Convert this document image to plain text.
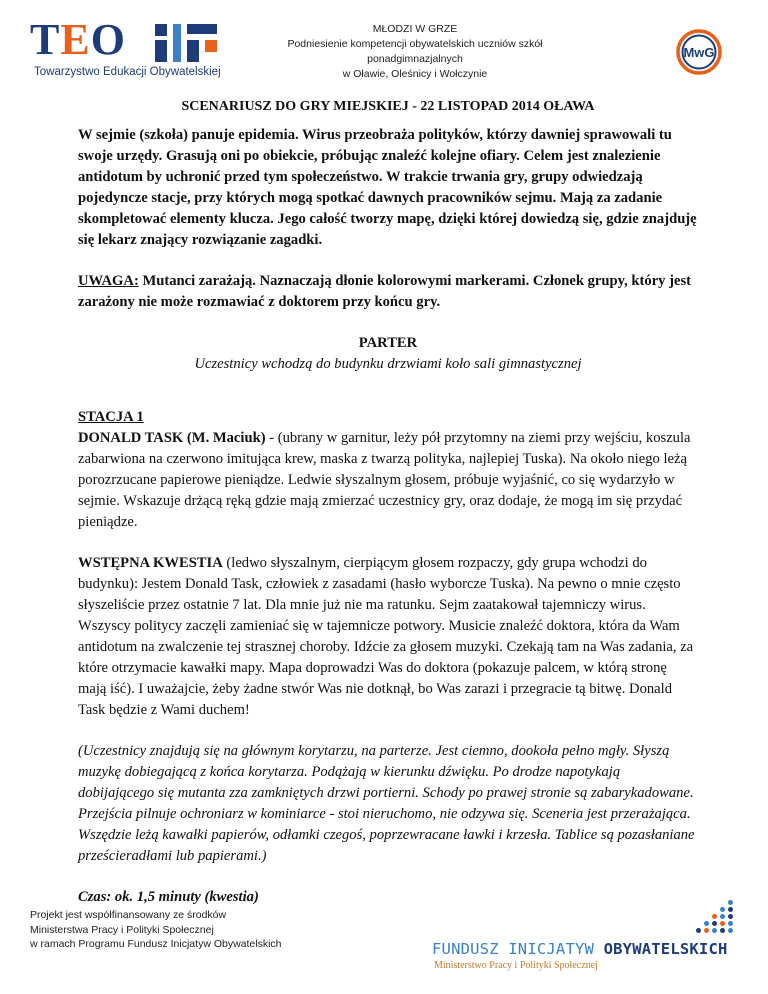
TEO
Towarzystwo Edukacji Obywatelskiej
MŁODZI W GRZE
Podniesienie kompetencji obywatelskich uczniów szkół ponadgimnazjalnych
w Oławie, Oleśnicy i Wołczynie
MwG

SCENARIUSZ DO GRY MIEJSKIEJ - 22 LISTOPAD 2014 OŁAWA

W sejmie (szkoła) panuje epidemia. Wirus przeobraża polityków, którzy dawniej sprawowali tu swoje urzędy. Grasują oni po obiekcie, próbując znaleźć kolejne ofiary. Celem jest znalezienie antidotum by uchronić przed tym społeczeństwo. W trakcie trwania gry, grupy odwiedzają pojedyncze stacje, przy których mogą spotkać dawnych pracowników sejmu. Mają za zadanie skompletować elementy klucza. Jego całość tworzy mapę, dzięki której dowiedzą się, gdzie znajduję się lekarz znający rozwiązanie zagadki.

UWAGA: Mutanci zarażają. Naznaczają dłonie kolorowymi markerami. Członek grupy, który jest zarażony nie może rozmawiać z doktorem przy końcu gry.

PARTER

Uczestnicy wchodzą do budynku drzwiami koło sali gimnastycznej

STACJA 1

DONALD TASK (M. Maciuk) - (ubrany w garnitur, leży pół przytomny na ziemi przy wejściu, koszula zabarwiona na czerwono imitująca krew, maska z twarzą polityka, najlepiej Tuska). Na około niego leżą porozrzucane papierowe pieniądze. Ledwie słyszalnym głosem, próbuje wyjaśnić, co się wydarzyło w sejmie. Wskazuje drżącą ręką gdzie mają zmierzać uczestnicy gry, oraz dodaje, że mogą im się przydać pieniądze.

WSTĘPNA KWESTIA (ledwo słyszalnym, cierpiącym głosem rozpaczy, gdy grupa wchodzi do budynku): Jestem Donald Task, człowiek z zasadami (hasło wyborcze Tuska). Na pewno o mnie często słyszeliście przez ostatnie 7 lat. Dla mnie już nie ma ratunku. Sejm zaatakował tajemniczy wirus. Wszyscy politycy zaczęli zamieniać się w tajemnicze potwory. Musicie znaleźć doktora, która da Wam antidotum na zwalczenie tej strasznej choroby. Idźcie za głosem muzyki. Czekają tam na Was zadania, za które otrzymacie kawałki mapy. Mapa doprowadzi Was do doktora (pokazuje palcem, w którą stronę mają iść). I uważajcie, żeby żadne stwór Was nie dotknął, bo Was zarazi i przegracie tą bitwę. Donald Task będzie z Wami duchem!

(Uczestnicy znajdują się na głównym korytarzu, na parterze. Jest ciemno, dookoła pełno mgły. Słyszą muzykę dobiegającą z końca korytarza. Podążają w kierunku dźwięku. Po drodze napotykają dobijającego się mutanta zza zamkniętych drzwi portierni. Schody po prawej stronie są zabarykadowane. Przejścia pilnuje ochroniarz w kominiarce - stoi nieruchomo, nie odzywa się. Sceneria jest przerażająca. Wszędzie leżą kawałki papierów, odłamki czegoś, poprzewracane ławki i krzesła. Tablice są pozasłaniane prześcieradłami lub papierami.)

Czas: ok. 1,5 minuty (kwestia)

Projekt jest współfinansowany ze środków
Ministerstwa Pracy i Polityki Społecznej
w ramach Programu Fundusz Inicjatyw Obywatelskich	FUNDUSZ INICJATYW OBYWATELSKICH
Ministerstwo Pracy i Polityki Społecznej
